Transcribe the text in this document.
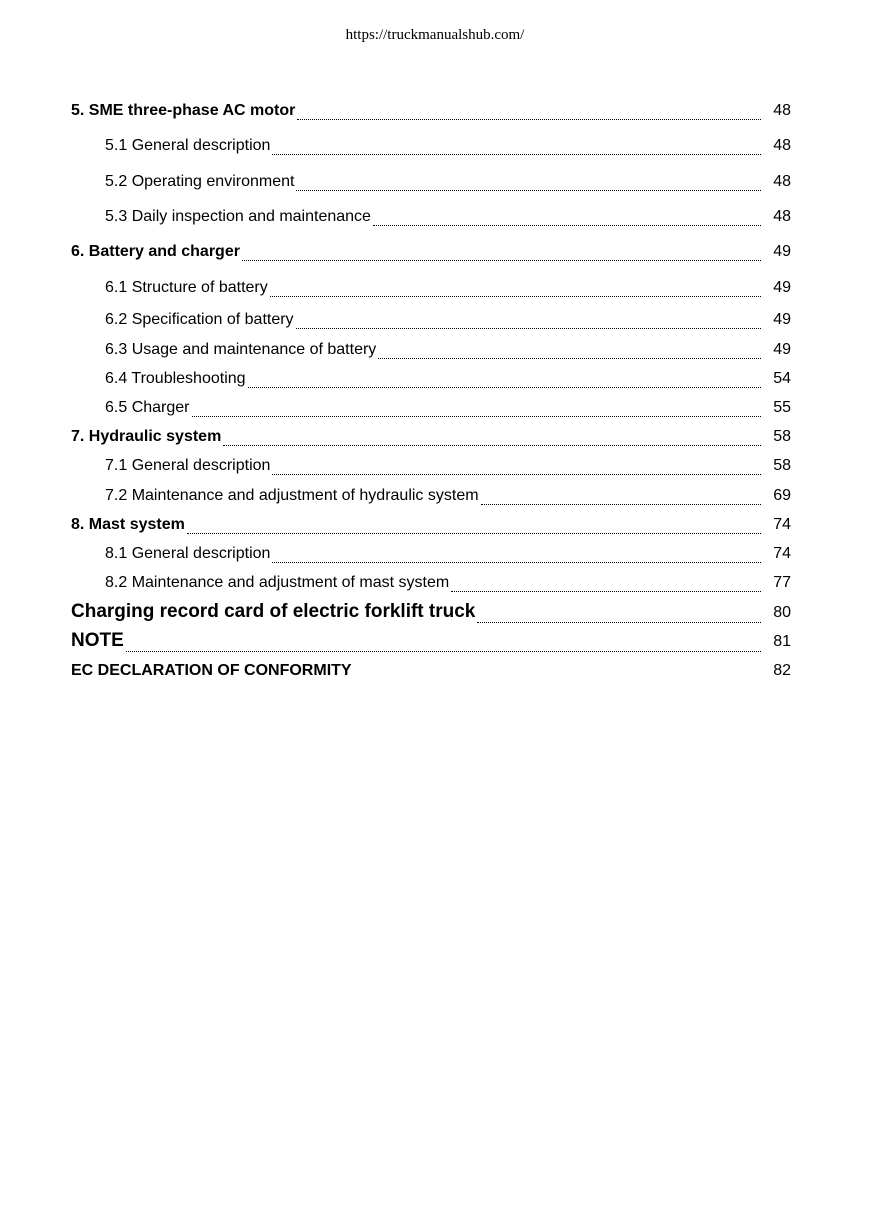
https://truckmanualshub.com/
5. SME three-phase AC motor	48
5.1 General description	48
5.2 Operating environment	48
5.3 Daily inspection and maintenance	48
6. Battery and charger	49
6.1 Structure of battery	49
6.2 Specification of battery	49
6.3 Usage and maintenance of battery	49
6.4 Troubleshooting	54
6.5 Charger	55
7. Hydraulic system	58
7.1 General description	58
7.2 Maintenance and adjustment of hydraulic system	69
8. Mast system	74
8.1 General description	74
8.2 Maintenance and adjustment of mast system	77
Charging record card of electric forklift truck	80
NOTE	81
EC DECLARATION OF CONFORMITY	82
